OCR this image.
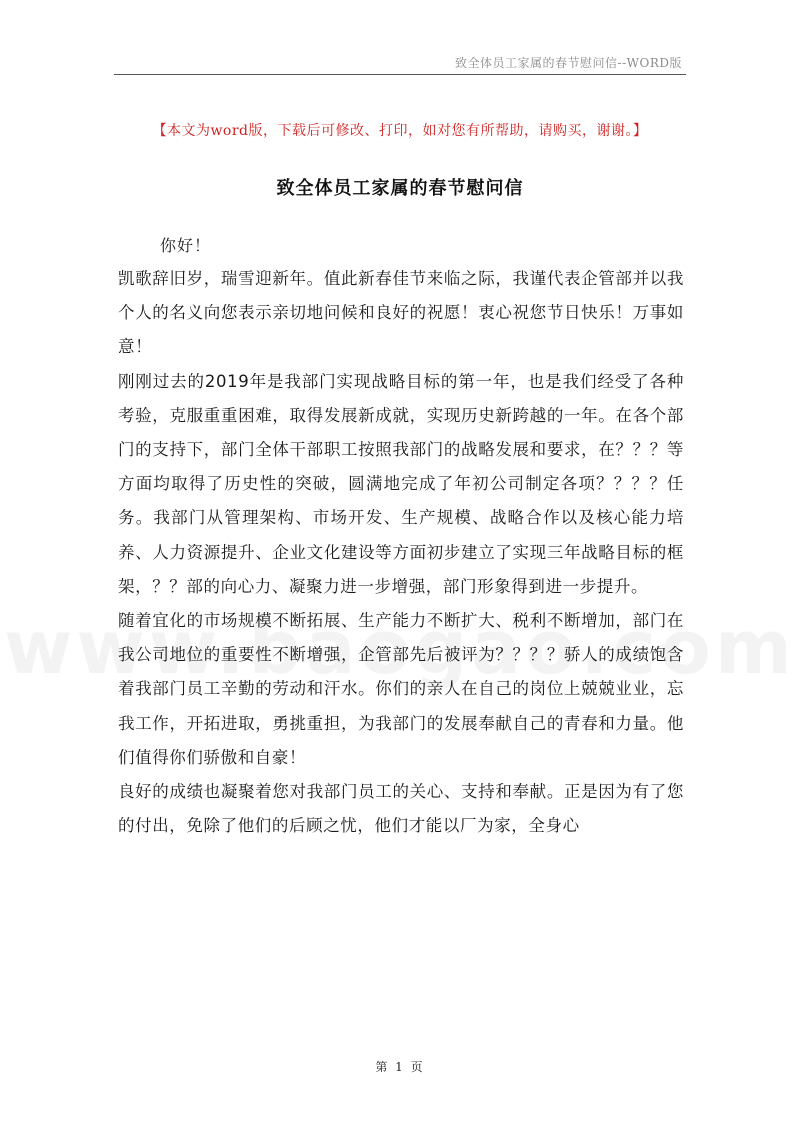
致全体员工家属的春节慰问信--WORD版
【本文为word版，下载后可修改、打印，如对您有所帮助，请购买，谢谢。】
致全体员工家属的春节慰问信
你好！

凯歌辞旧岁，瑞雪迎新年。值此新春佳节来临之际，我谨代表企管部并以我个人的名义向您表示亲切地问候和良好的祝愿！衷心祝您节日快乐！万事如意！

刚刚过去的2019年是我部门实现战略目标的第一年，也是我们经受了各种考验，克服重重困难，取得发展新成就，实现历史新跨越的一年。在各个部门的支持下，部门全体干部职工按照我部门的战略发展和要求，在？？？等方面均取得了历史性的突破，圆满地完成了年初公司制定各项？？？？任务。我部门从管理架构、市场开发、生产规模、战略合作以及核心能力培养、人力资源提升、企业文化建设等方面初步建立了实现三年战略目标的框架，？？部的向心力、凝聚力进一步增强，部门形象得到进一步提升。

随着宜化的市场规模不断拓展、生产能力不断扩大、税利不断增加，部门在我公司地位的重要性不断增强，企管部先后被评为？？？？骄人的成绩饱含着我部门员工辛勤的劳动和汗水。你们的亲人在自己的岗位上兢兢业业，忘我工作，开拓进取，勇挑重担，为我部门的发展奉献自己的青春和力量。他们值得你们骄傲和自豪！

良好的成绩也凝聚着您对我部门员工的关心、支持和奉献。正是因为有了您的付出，免除了他们的后顾之忧，他们才能以厂为家，全身心

第 1 页
